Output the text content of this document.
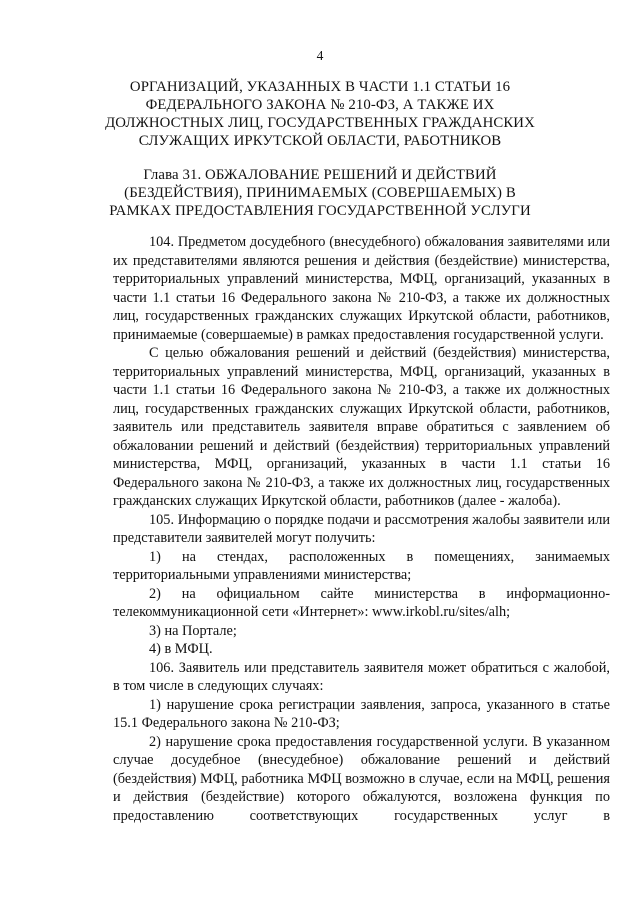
4
ОРГАНИЗАЦИЙ, УКАЗАННЫХ В ЧАСТИ 1.1 СТАТЬИ 16 ФЕДЕРАЛЬНОГО ЗАКОНА № 210-ФЗ, А ТАКЖЕ ИХ ДОЛЖНОСТНЫХ ЛИЦ, ГОСУДАРСТВЕННЫХ ГРАЖДАНСКИХ СЛУЖАЩИХ ИРКУТСКОЙ ОБЛАСТИ, РАБОТНИКОВ
Глава 31. ОБЖАЛОВАНИЕ РЕШЕНИЙ И ДЕЙСТВИЙ (БЕЗДЕЙСТВИЯ), ПРИНИМАЕМЫХ (СОВЕРШАЕМЫХ) В РАМКАХ ПРЕДОСТАВЛЕНИЯ ГОСУДАРСТВЕННОЙ УСЛУГИ

104. Предметом досудебного (внесудебного) обжалования заявителями или их представителями являются решения и действия (бездействие) министерства, территориальных управлений министерства, МФЦ, организаций, указанных в части 1.1 статьи 16 Федерального закона № 210-ФЗ, а также их должностных лиц, государственных гражданских служащих Иркутской области, работников, принимаемые (совершаемые) в рамках предоставления государственной услуги.

С целью обжалования решений и действий (бездействия) министерства, территориальных управлений министерства, МФЦ, организаций, указанных в части 1.1 статьи 16 Федерального закона № 210-ФЗ, а также их должностных лиц, государственных гражданских служащих Иркутской области, работников, заявитель или представитель заявителя вправе обратиться с заявлением об обжаловании решений и действий (бездействия) территориальных управлений министерства, МФЦ, организаций, указанных в части 1.1 статьи 16 Федерального закона № 210-ФЗ, а также их должностных лиц, государственных гражданских служащих Иркутской области, работников (далее - жалоба).

105. Информацию о порядке подачи и рассмотрения жалобы заявители или представители заявителей могут получить:

1) на стендах, расположенных в помещениях, занимаемых территориальными управлениями министерства;

2) на официальном сайте министерства в информационно-телекоммуникационной сети «Интернет»: www.irkobl.ru/sites/alh;

3) на Портале;

4) в МФЦ.

106. Заявитель или представитель заявителя может обратиться с жалобой, в том числе в следующих случаях:

1) нарушение срока регистрации заявления, запроса, указанного в статье 15.1 Федерального закона № 210-ФЗ;

2) нарушение срока предоставления государственной услуги. В указанном случае досудебное (внесудебное) обжалование решений и действий (бездействия) МФЦ, работника МФЦ возможно в случае, если на МФЦ, решения и действия (бездействие) которого обжалуются, возложена функция по предоставлению соответствующих государственных услуг в
